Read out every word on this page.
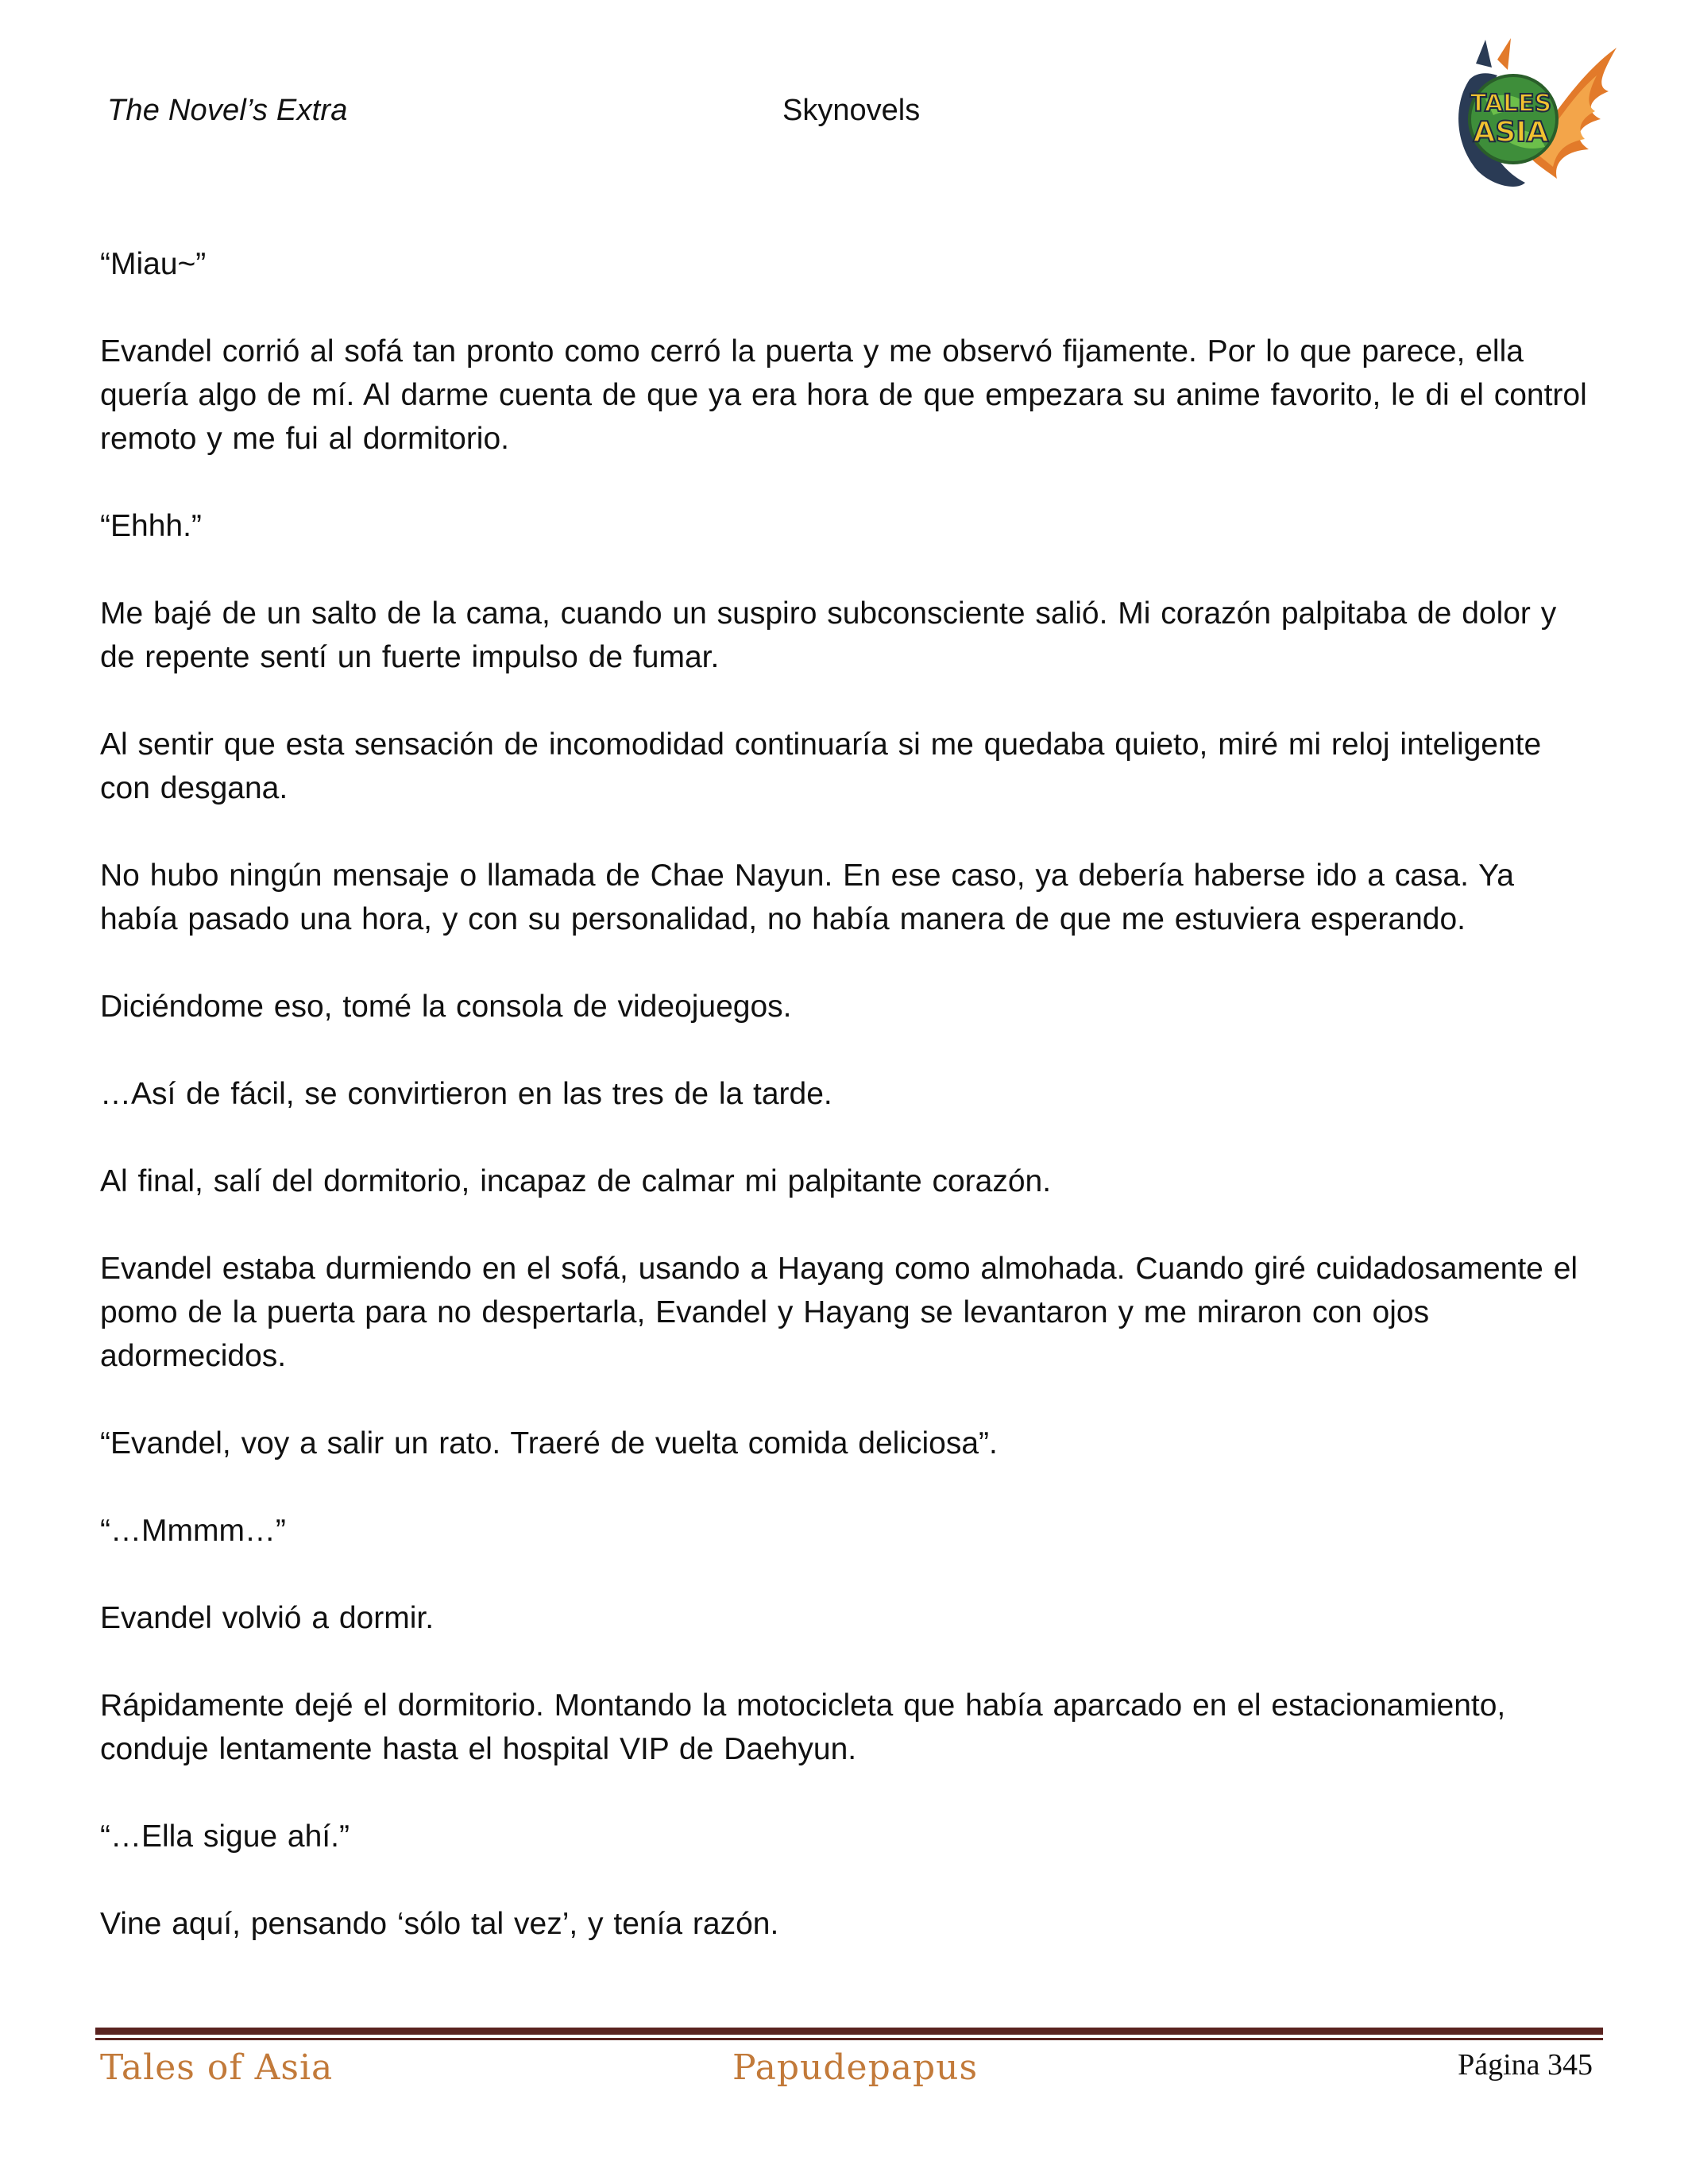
The Novel’s Extra	Skynovels	TALES
ASIA

“Miau~”

Evandel corrió al sofá tan pronto como cerró la puerta y me observó fijamente. Por lo que parece, ella quería algo de mí. Al darme cuenta de que ya era hora de que empezara su anime favorito, le di el control remoto y me fui al dormitorio.

“Ehhh.”

Me bajé de un salto de la cama, cuando un suspiro subconsciente salió. Mi corazón palpitaba de dolor y de repente sentí un fuerte impulso de fumar.

Al sentir que esta sensación de incomodidad continuaría si me quedaba quieto, miré mi reloj inteligente con desgana.

No hubo ningún mensaje o llamada de Chae Nayun. En ese caso, ya debería haberse ido a casa. Ya había pasado una hora, y con su personalidad, no había manera de que me estuviera esperando.

Diciéndome eso, tomé la consola de videojuegos.

…Así de fácil, se convirtieron en las tres de la tarde.

Al final, salí del dormitorio, incapaz de calmar mi palpitante corazón.

Evandel estaba durmiendo en el sofá, usando a Hayang como almohada. Cuando giré cuidadosamente el pomo de la puerta para no despertarla, Evandel y Hayang se levantaron y me miraron con ojos adormecidos.

“Evandel, voy a salir un rato. Traeré de vuelta comida deliciosa”.

“…Mmmm…”

Evandel volvió a dormir.

Rápidamente dejé el dormitorio. Montando la motocicleta que había aparcado en el estacionamiento, conduje lentamente hasta el hospital VIP de Daehyun.

“…Ella sigue ahí.”

Vine aquí, pensando ‘sólo tal vez’, y tenía razón.

Tales of Asia	Papudepapus	Página 345
